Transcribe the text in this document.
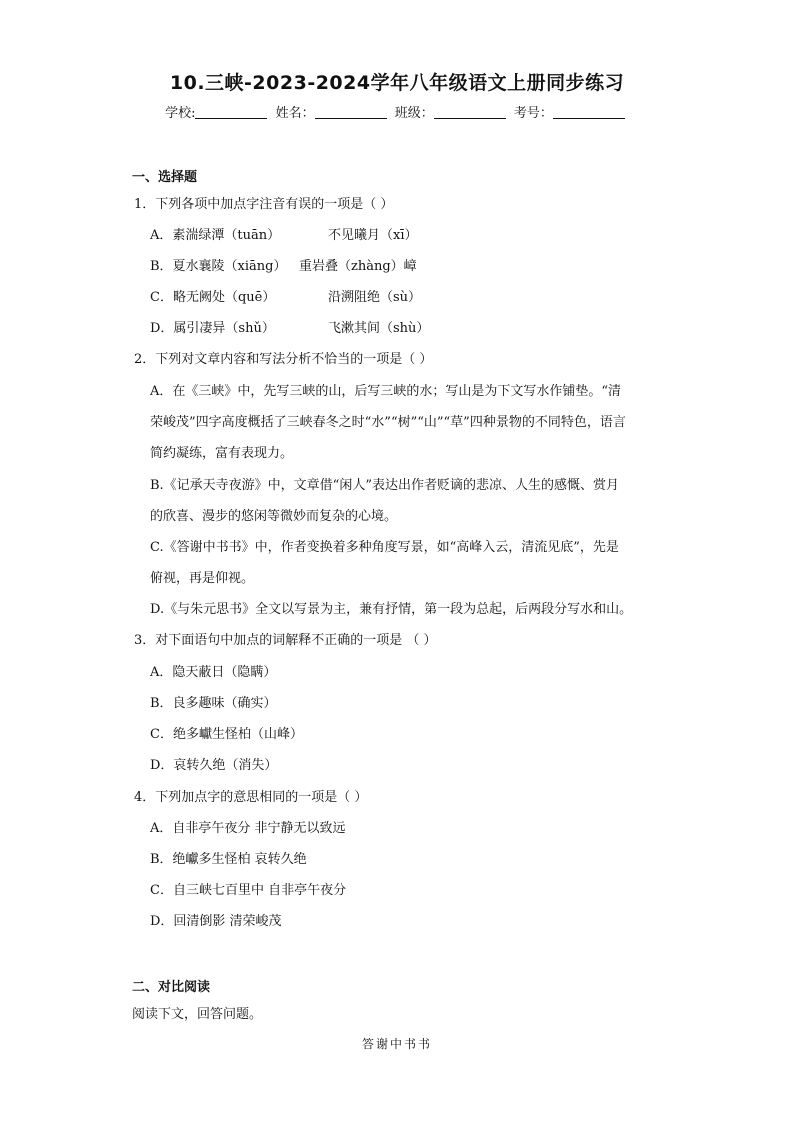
10.三峡-2023-2024学年八年级语文上册同步练习
学校:	姓名：	班级：	考号：
一、选择题
1．下列各项中加点字注音有误的一项是（ ）
A．素湍绿潭（tuān）	不见曦月（xī）
B．夏水襄陵（xiāng） 重岩叠（zhàng）嶂
C．略无阙处（quē）	沿溯阻绝（sù）
D．属引凄异（shǔ）	飞漱其间（shù）
2．下列对文章内容和写法分析不恰当的一项是（ ）
A．在《三峡》中，先写三峡的山，后写三峡的水；写山是为下文写水作铺垫。“清
荣峻茂”四字高度概括了三峡春冬之时“水”“树”“山”“草”四种景物的不同特色，语言
简约凝练，富有表现力。
B.《记承天寺夜游》中，文章借“闲人”表达出作者贬谪的悲凉、人生的感慨、赏月
的欣喜、漫步的悠闲等微妙而复杂的心境。
C.《答谢中书书》中，作者变换着多种角度写景，如“高峰入云，清流见底”，先是
俯视，再是仰视。
D.《与朱元思书》全文以写景为主，兼有抒情，第一段为总起，后两段分写水和山。
3．对下面语句中加点的词解释不正确的一项是 （ ）
A．隐天蔽日（隐瞒）
B．良多趣味（确实）
C．绝多巘生怪柏（山峰）
D．哀转久绝（消失）
4．下列加点字的意思相同的一项是（ ）
A．自非亭午夜分 非宁静无以致远
B．绝巘多生怪柏 哀转久绝
C．自三峡七百里中 自非亭午夜分
D．回清倒影 清荣峻茂
二、对比阅读
阅读下文，回答问题。
答谢中书书
